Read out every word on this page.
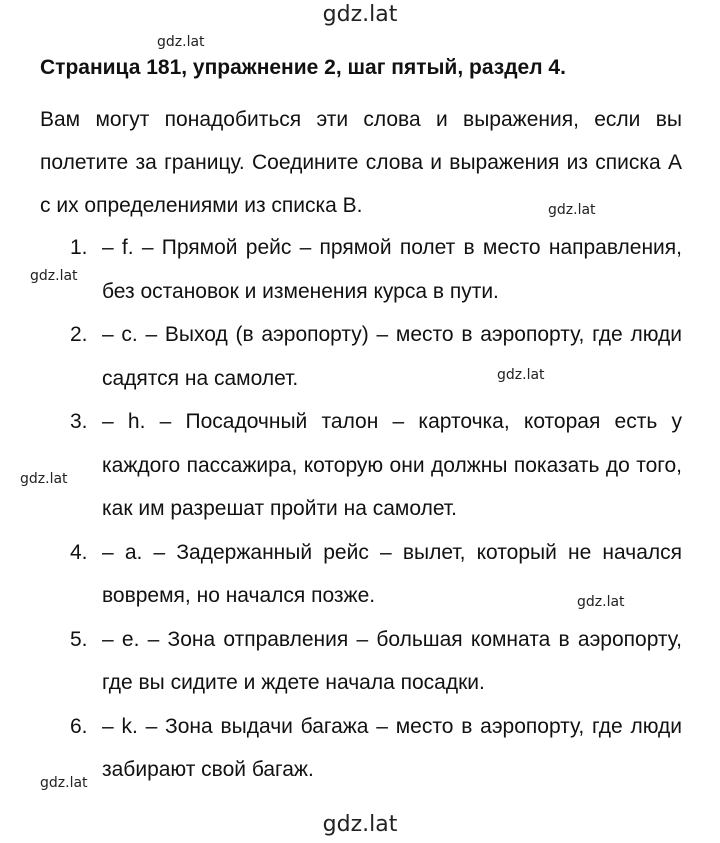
gdz.lat
gdz.lat
gdz.lat
gdz.lat
gdz.lat
gdz.lat
gdz.lat
gdz.lat
Страница 181, упражнение 2, шаг пятый, раздел 4.
Вам могут понадобиться эти слова и выражения, если вы полетите за границу. Соедините слова и выражения из списка А с их определениями из списка В.
1. – f. – Прямой рейс – прямой полет в место направления, без остановок и изменения курса в пути.
2. – c. – Выход (в аэропорту) – место в аэропорту, где люди садятся на самолет.
3. – h. – Посадочный талон – карточка, которая есть у каждого пассажира, которую они должны показать до того, как им разрешат пройти на самолет.
4. – a. – Задержанный рейс – вылет, который не начался вовремя, но начался позже.
5. – e. – Зона отправления – большая комната в аэропорту, где вы сидите и ждете начала посадки.
6. – k. – Зона выдачи багажа – место в аэропорту, где люди забирают свой багаж.
gdz.lat
